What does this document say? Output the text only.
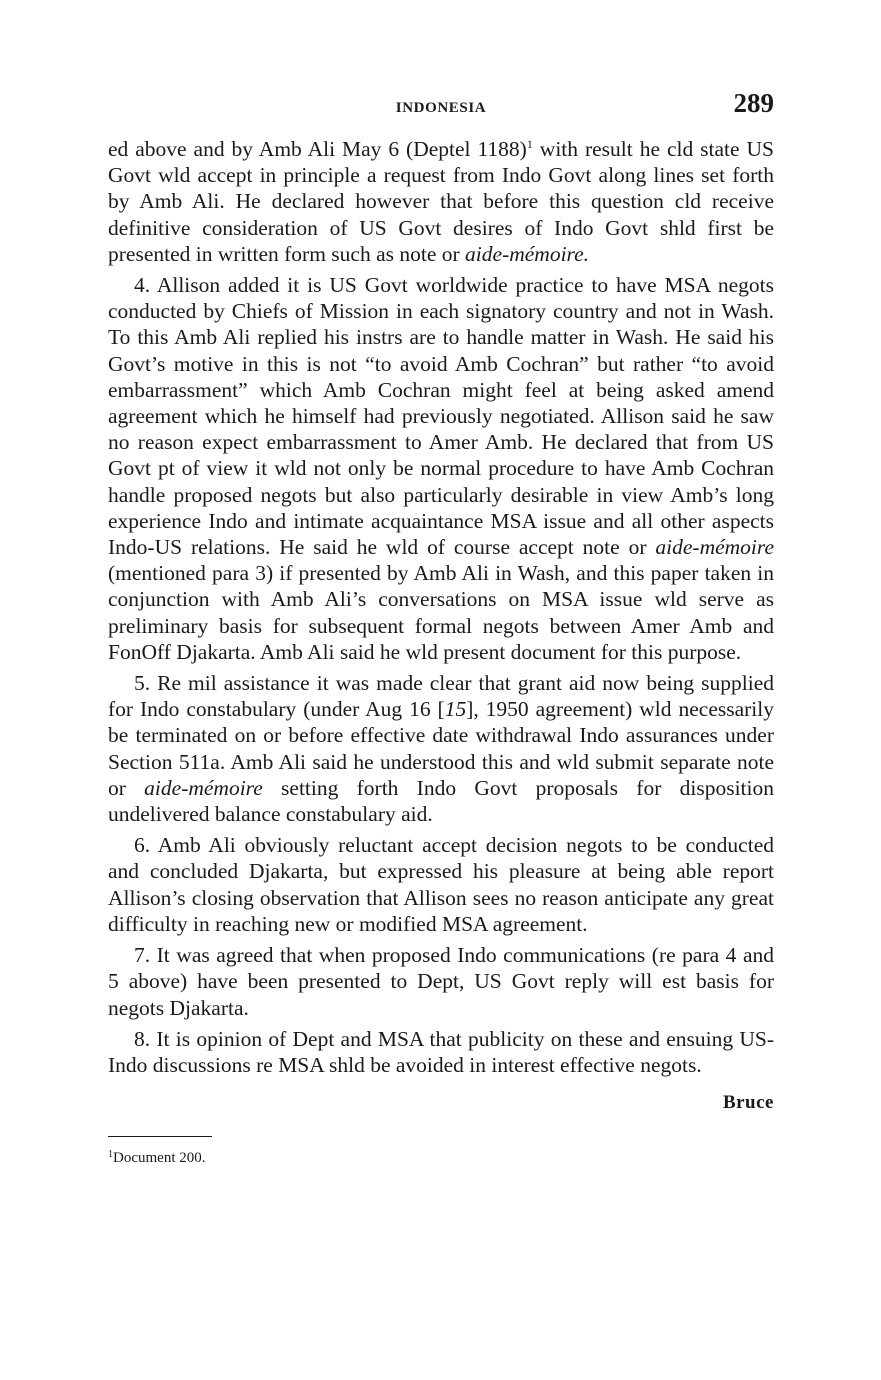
INDONESIA	289

ed above and by Amb Ali May 6 (Deptel 1188)$^1$ with result he cld state US Govt wld accept in principle a request from Indo Govt along lines set forth by Amb Ali. He declared however that before this question cld receive definitive consideration of US Govt desires of Indo Govt shld first be presented in written form such as note or aide-mémoire.

4. Allison added it is US Govt worldwide practice to have MSA negots conducted by Chiefs of Mission in each signatory country and not in Wash. To this Amb Ali replied his instrs are to handle matter in Wash. He said his Govt’s motive in this is not “to avoid Amb Cochran” but rather “to avoid embarrassment” which Amb Cochran might feel at being asked amend agreement which he himself had previously negotiated. Allison said he saw no reason expect embarrassment to Amer Amb. He declared that from US Govt pt of view it wld not only be normal procedure to have Amb Cochran handle proposed negots but also particularly desirable in view Amb’s long experience Indo and intimate acquaintance MSA issue and all other aspects Indo-US relations. He said he wld of course accept note or aide-mémoire (mentioned para 3) if presented by Amb Ali in Wash, and this paper taken in conjunction with Amb Ali’s conversations on MSA issue wld serve as preliminary basis for subsequent formal negots between Amer Amb and FonOff Djakarta. Amb Ali said he wld present document for this purpose.

5. Re mil assistance it was made clear that grant aid now being supplied for Indo constabulary (under Aug 16 [15], 1950 agreement) wld necessarily be terminated on or before effective date withdrawal Indo assurances under Section 511a. Amb Ali said he understood this and wld submit separate note or aide-mémoire setting forth Indo Govt proposals for disposition undelivered balance constabulary aid.

6. Amb Ali obviously reluctant accept decision negots to be conducted and concluded Djakarta, but expressed his pleasure at being able report Allison’s closing observation that Allison sees no reason anticipate any great difficulty in reaching new or modified MSA agreement.

7. It was agreed that when proposed Indo communications (re para 4 and 5 above) have been presented to Dept, US Govt reply will est basis for negots Djakarta.

8. It is opinion of Dept and MSA that publicity on these and ensuing US-Indo discussions re MSA shld be avoided in interest effective negots.

Bruce
$^1$Document 200.
